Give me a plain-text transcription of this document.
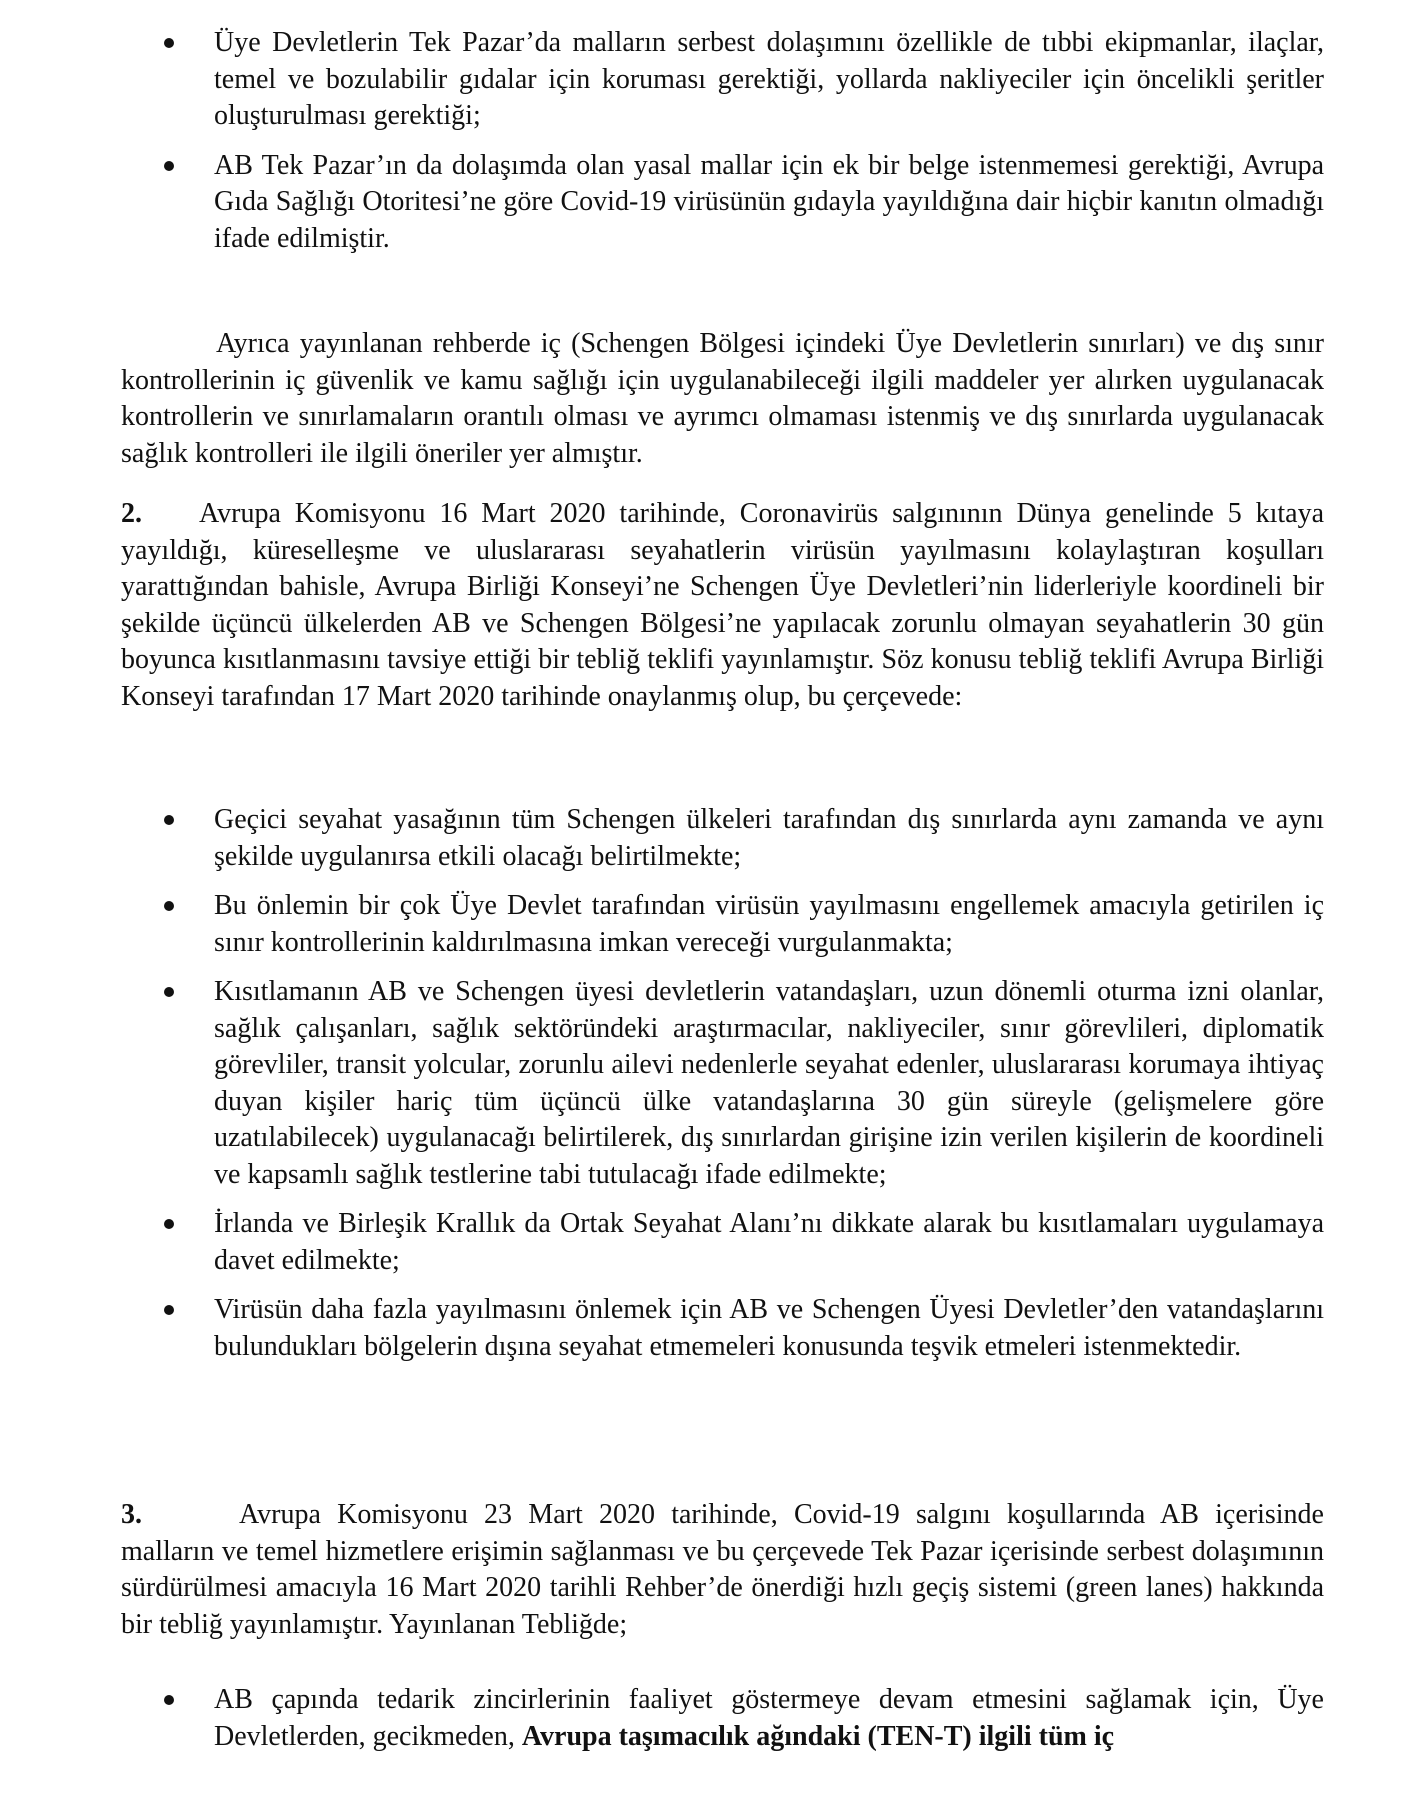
Üye Devletlerin Tek Pazar’da malların serbest dolaşımını özellikle de tıbbi ekipmanlar, ilaçlar, temel ve bozulabilir gıdalar için koruması gerektiği, yollarda nakliyeciler için öncelikli şeritler oluşturulması gerektiği;
AB Tek Pazar’ın da dolaşımda olan yasal mallar için ek bir belge istenmemesi gerektiği, Avrupa Gıda Sağlığı Otoritesi’ne göre Covid-19 virüsünün gıdayla yayıldığına dair hiçbir kanıtın olmadığı ifade edilmiştir.

Ayrıca yayınlanan rehberde iç (Schengen Bölgesi içindeki Üye Devletlerin sınırları) ve dış sınır kontrollerinin iç güvenlik ve kamu sağlığı için uygulanabileceği ilgili maddeler yer alırken uygulanacak kontrollerin ve sınırlamaların orantılı olması ve ayrımcı olmaması istenmiş ve dış sınırlarda uygulanacak sağlık kontrolleri ile ilgili öneriler yer almıştır.

2. Avrupa Komisyonu 16 Mart 2020 tarihinde, Coronavirüs salgınının Dünya genelinde 5 kıtaya yayıldığı, küreselleşme ve uluslararası seyahatlerin virüsün yayılmasını kolaylaştıran koşulları yarattığından bahisle, Avrupa Birliği Konseyi’ne Schengen Üye Devletleri’nin liderleriyle koordineli bir şekilde üçüncü ülkelerden AB ve Schengen Bölgesi’ne yapılacak zorunlu olmayan seyahatlerin 30 gün boyunca kısıtlanmasını tavsiye ettiği bir tebliğ teklifi yayınlamıştır. Söz konusu tebliğ teklifi Avrupa Birliği Konseyi tarafından 17 Mart 2020 tarihinde onaylanmış olup, bu çerçevede:

Geçici seyahat yasağının tüm Schengen ülkeleri tarafından dış sınırlarda aynı zamanda ve aynı şekilde uygulanırsa etkili olacağı belirtilmekte;
Bu önlemin bir çok Üye Devlet tarafından virüsün yayılmasını engellemek amacıyla getirilen iç sınır kontrollerinin kaldırılmasına imkan vereceği vurgulanmakta;
Kısıtlamanın AB ve Schengen üyesi devletlerin vatandaşları, uzun dönemli oturma izni olanlar, sağlık çalışanları, sağlık sektöründeki araştırmacılar, nakliyeciler, sınır görevlileri, diplomatik görevliler, transit yolcular, zorunlu ailevi nedenlerle seyahat edenler, uluslararası korumaya ihtiyaç duyan kişiler hariç tüm üçüncü ülke vatandaşlarına 30 gün süreyle (gelişmelere göre uzatılabilecek) uygulanacağı belirtilerek, dış sınırlardan girişine izin verilen kişilerin de koordineli ve kapsamlı sağlık testlerine tabi tutulacağı ifade edilmekte;
İrlanda ve Birleşik Krallık da Ortak Seyahat Alanı’nı dikkate alarak bu kısıtlamaları uygulamaya davet edilmekte;
Virüsün daha fazla yayılmasını önlemek için AB ve Schengen Üyesi Devletler’den vatandaşlarını bulundukları bölgelerin dışına seyahat etmemeleri konusunda teşvik etmeleri istenmektedir.

3.	Avrupa Komisyonu 23 Mart 2020 tarihinde, Covid-19 salgını koşullarında AB içerisinde malların ve temel hizmetlere erişimin sağlanması ve bu çerçevede Tek Pazar içerisinde serbest dolaşımının sürdürülmesi amacıyla 16 Mart 2020 tarihli Rehber’de önerdiği hızlı geçiş sistemi (green lanes) hakkında bir tebliğ yayınlamıştır. Yayınlanan Tebliğde;

AB çapında tedarik zincirlerinin faaliyet göstermeye devam etmesini sağlamak için, Üye Devletlerden, gecikmeden, Avrupa taşımacılık ağındaki (TEN-T) ilgili tüm iç
